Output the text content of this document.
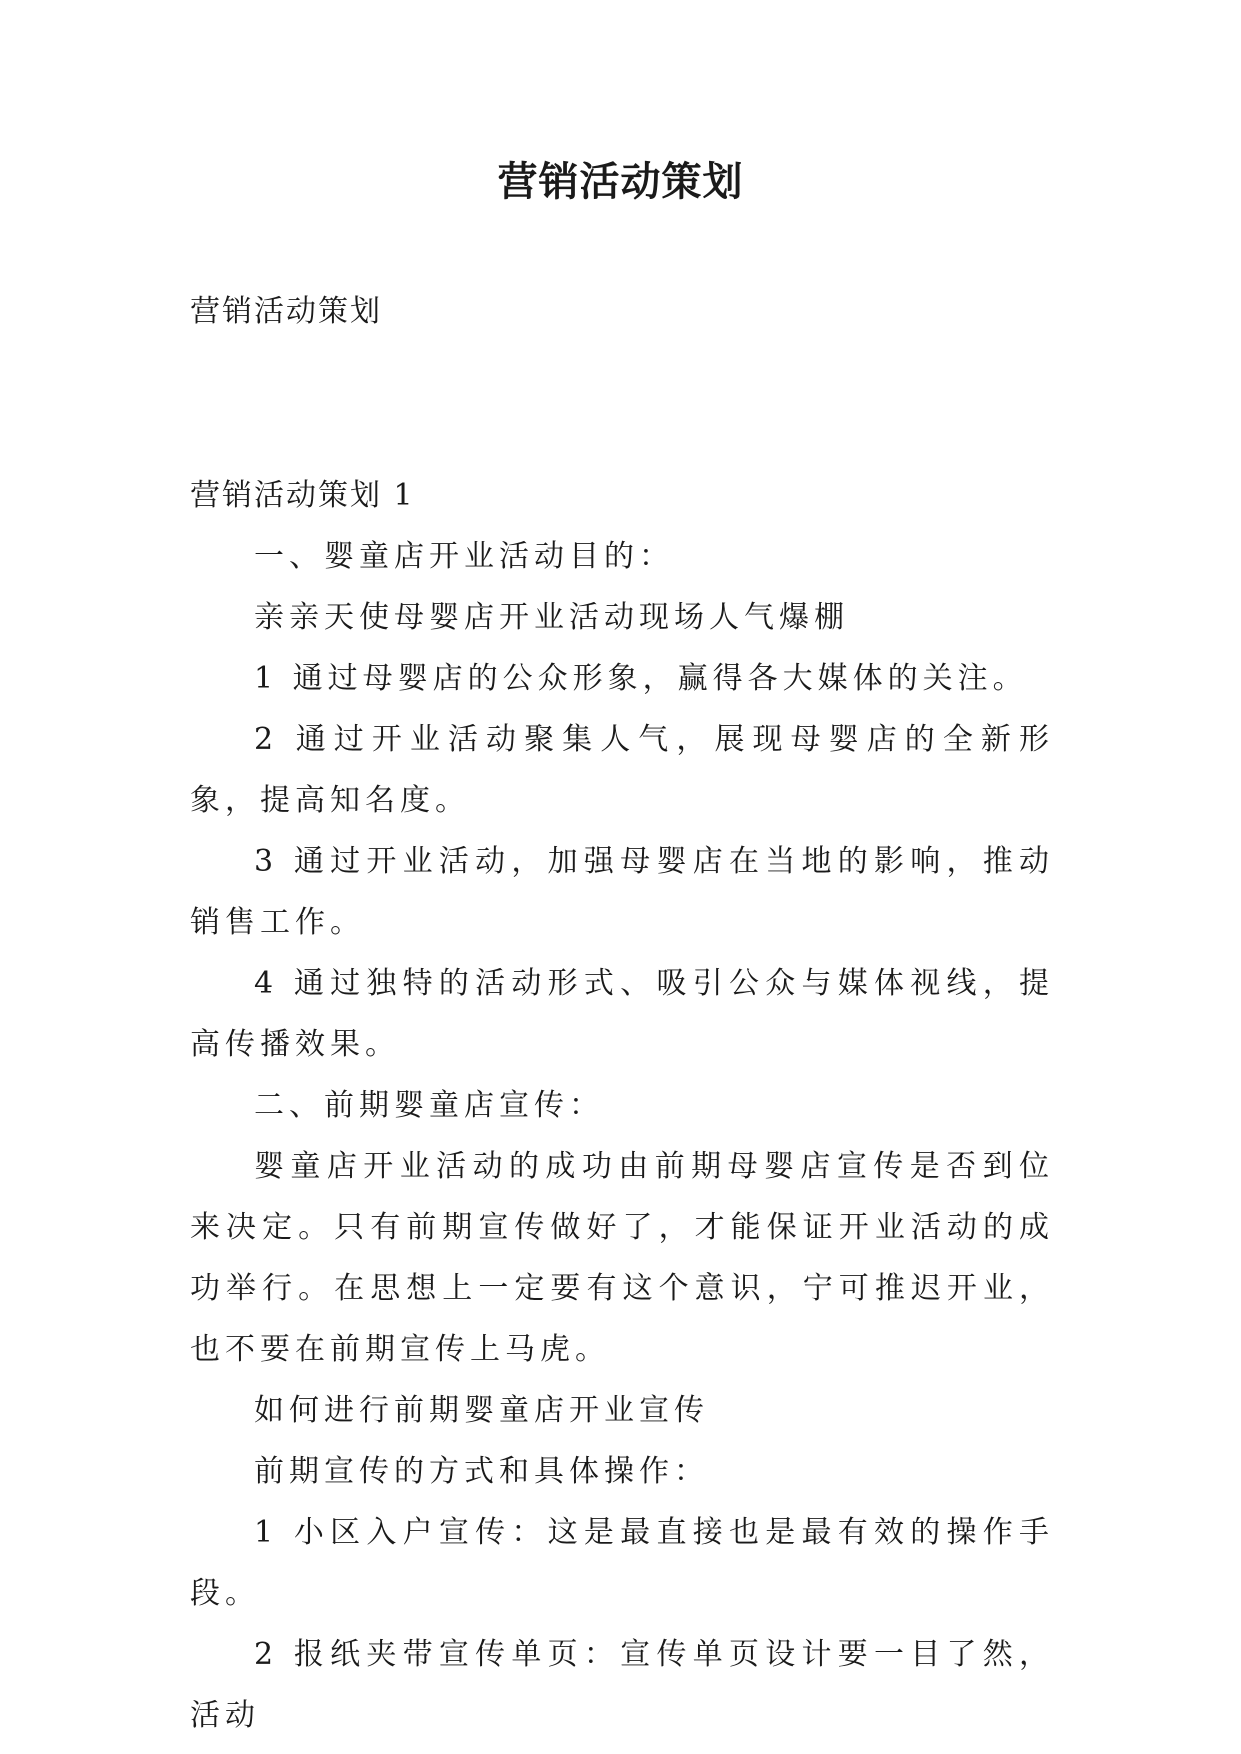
营销活动策划
营销活动策划

营销活动策划 1

一、婴童店开业活动目的：

亲亲天使母婴店开业活动现场人气爆棚

1 通过母婴店的公众形象，赢得各大媒体的关注。

2 通过开业活动聚集人气，展现母婴店的全新形象，提高知名度。

3 通过开业活动，加强母婴店在当地的影响，推动销售工作。

4 通过独特的活动形式、吸引公众与媒体视线，提高传播效果。

二、前期婴童店宣传：

婴童店开业活动的成功由前期母婴店宣传是否到位来决定。只有前期宣传做好了，才能保证开业活动的成功举行。在思想上一定要有这个意识，宁可推迟开业，也不要在前期宣传上马虎。

如何进行前期婴童店开业宣传

前期宣传的方式和具体操作：

1 小区入户宣传：这是最直接也是最有效的操作手段。

2 报纸夹带宣传单页：宣传单页设计要一目了然，活动
